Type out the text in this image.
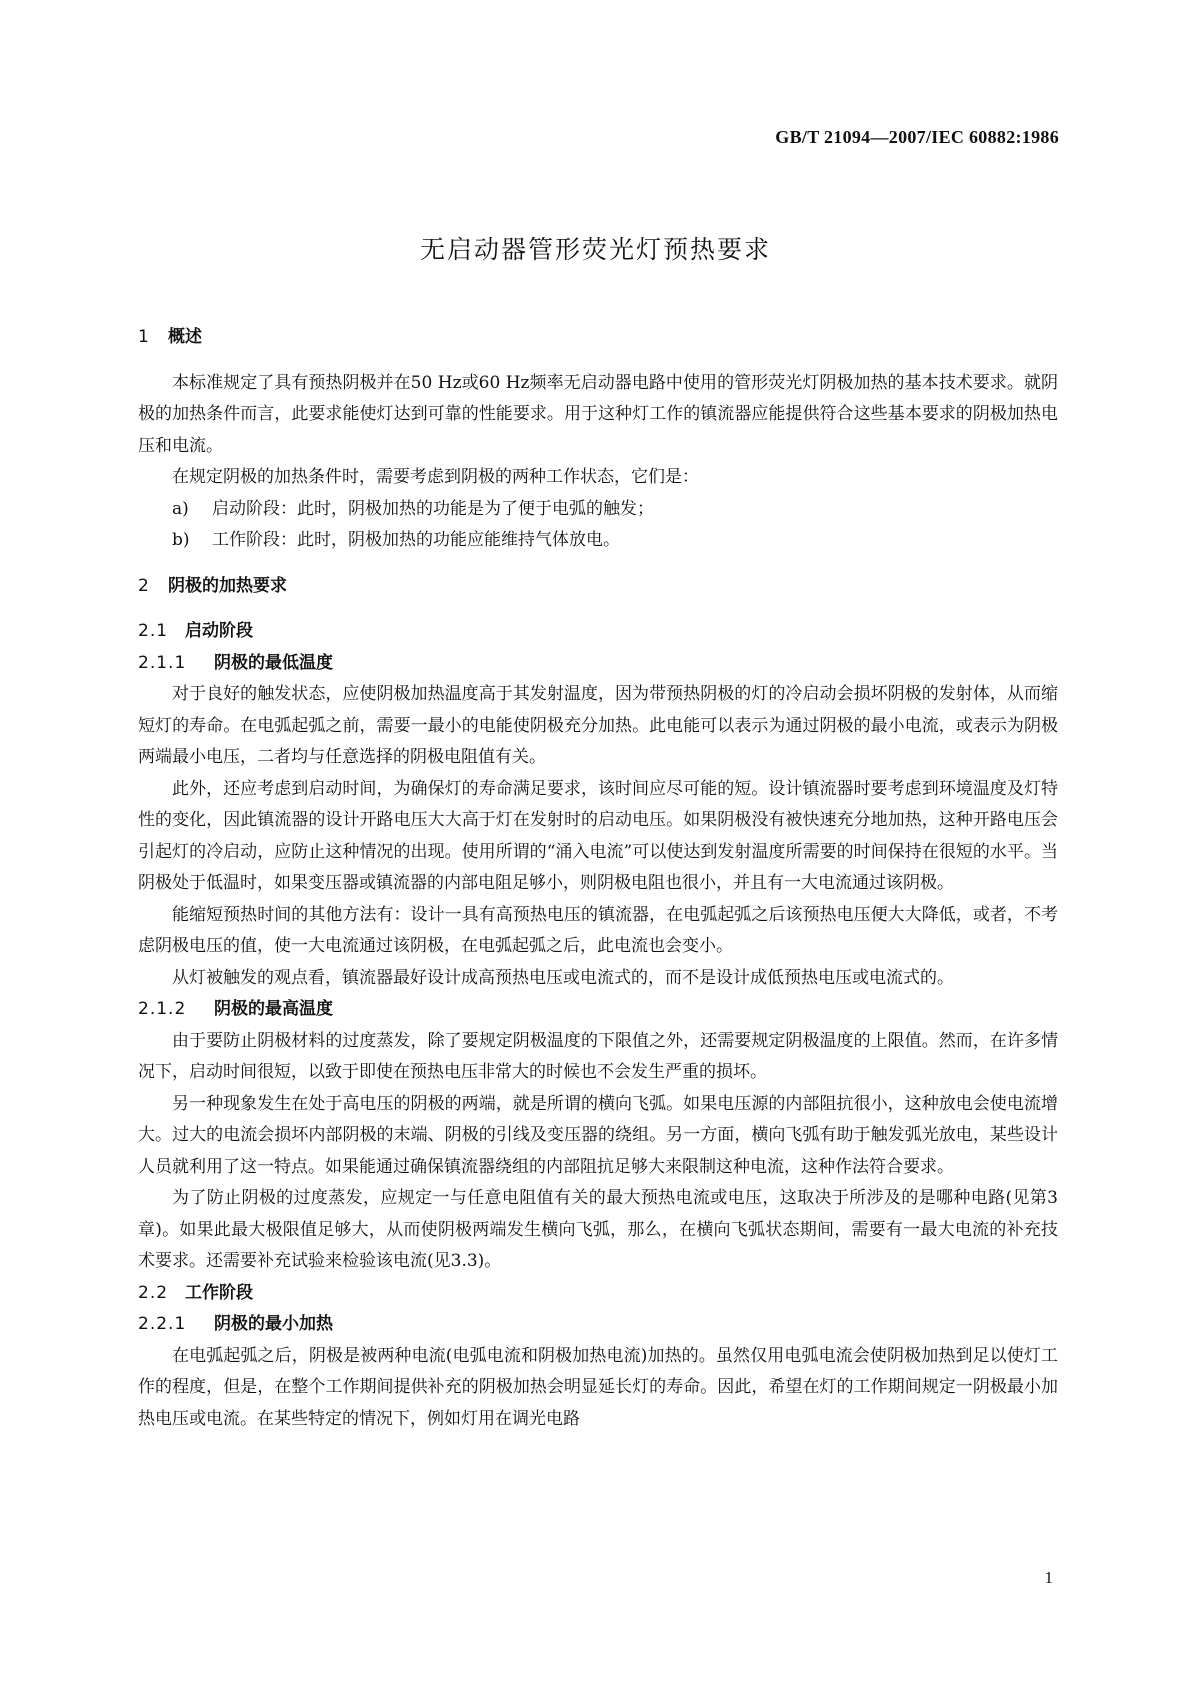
GB/T 21094—2007/IEC 60882:1986
无启动器管形荧光灯预热要求
1 概述

本标准规定了具有预热阴极并在50 Hz或60 Hz频率无启动器电路中使用的管形荧光灯阴极加热的基本技术要求。就阴极的加热条件而言，此要求能使灯达到可靠的性能要求。用于这种灯工作的镇流器应能提供符合这些基本要求的阴极加热电压和电流。

在规定阴极的加热条件时，需要考虑到阴极的两种工作状态，它们是：

a) 启动阶段：此时，阴极加热的功能是为了便于电弧的触发；

b) 工作阶段：此时，阴极加热的功能应能维持气体放电。

2 阴极的加热要求
2.1 启动阶段
2.1.1 阴极的最低温度

对于良好的触发状态，应使阴极加热温度高于其发射温度，因为带预热阴极的灯的冷启动会损坏阴极的发射体，从而缩短灯的寿命。在电弧起弧之前，需要一最小的电能使阴极充分加热。此电能可以表示为通过阴极的最小电流，或表示为阴极两端最小电压，二者均与任意选择的阴极电阻值有关。

此外，还应考虑到启动时间，为确保灯的寿命满足要求，该时间应尽可能的短。设计镇流器时要考虑到环境温度及灯特性的变化，因此镇流器的设计开路电压大大高于灯在发射时的启动电压。如果阴极没有被快速充分地加热，这种开路电压会引起灯的冷启动，应防止这种情况的出现。使用所谓的“涌入电流”可以使达到发射温度所需要的时间保持在很短的水平。当阴极处于低温时，如果变压器或镇流器的内部电阻足够小，则阴极电阻也很小，并且有一大电流通过该阴极。

能缩短预热时间的其他方法有：设计一具有高预热电压的镇流器，在电弧起弧之后该预热电压便大大降低，或者，不考虑阴极电压的值，使一大电流通过该阴极，在电弧起弧之后，此电流也会变小。

从灯被触发的观点看，镇流器最好设计成高预热电压或电流式的，而不是设计成低预热电压或电流式的。

2.1.2 阴极的最高温度

由于要防止阴极材料的过度蒸发，除了要规定阴极温度的下限值之外，还需要规定阴极温度的上限值。然而，在许多情况下，启动时间很短，以致于即使在预热电压非常大的时候也不会发生严重的损坏。

另一种现象发生在处于高电压的阴极的两端，就是所谓的横向飞弧。如果电压源的内部阻抗很小，这种放电会使电流增大。过大的电流会损坏内部阴极的末端、阴极的引线及变压器的绕组。另一方面，横向飞弧有助于触发弧光放电，某些设计人员就利用了这一特点。如果能通过确保镇流器绕组的内部阻抗足够大来限制这种电流，这种作法符合要求。

为了防止阴极的过度蒸发，应规定一与任意电阻值有关的最大预热电流或电压，这取决于所涉及的是哪种电路(见第3章)。如果此最大极限值足够大，从而使阴极两端发生横向飞弧，那么，在横向飞弧状态期间，需要有一最大电流的补充技术要求。还需要补充试验来检验该电流(见3.3)。

2.2 工作阶段
2.2.1 阴极的最小加热

在电弧起弧之后，阴极是被两种电流(电弧电流和阴极加热电流)加热的。虽然仅用电弧电流会使阴极加热到足以使灯工作的程度，但是，在整个工作期间提供补充的阴极加热会明显延长灯的寿命。因此，希望在灯的工作期间规定一阴极最小加热电压或电流。在某些特定的情况下，例如灯用在调光电路

1
